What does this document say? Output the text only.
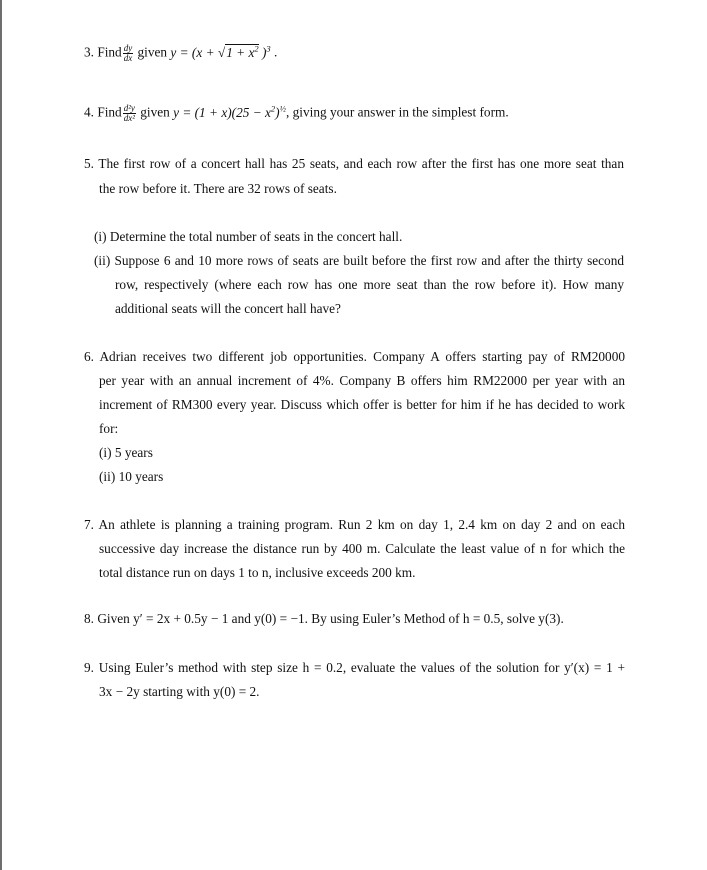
3. Find $\frac{dy}{dx}$ given $y = (x + √1 + x^2$ )$^3$ .
4. Find $\frac{\text{d²y}}{\text{dx²}}$ given $y = (1 + x)(25 - x^2)^{\frac{1}{2}}$, giving your answer in the simplest form.
5. The first row of a concert hall has 25 seats, and each row after the first has one more seat than
the row before it. There are 32 rows of seats.
(i) Determine the total number of seats in the concert hall.
(ii) Suppose 6 and 10 more rows of seats are built before the first row and after the thirty second
row, respectively (where each row has one more seat than the row before it). How many
additional seats will the concert hall have?
6. Adrian receives two different job opportunities. Company A offers starting pay of RM20000
per year with an annual increment of 4%. Company B offers him RM22000 per year with an
increment of RM300 every year. Discuss which offer is better for him if he has decided to work
for:
(i) 5 years
(ii) 10 years
7. An athlete is planning a training program. Run 2 km on day 1, 2.4 km on day 2 and on each
successive day increase the distance run by 400 m. Calculate the least value of n for which the
total distance run on days 1 to n, inclusive exceeds 200 km.
8. Given y′ = 2x + 0.5y − 1 and y(0) = −1. By using Euler’s Method of h = 0.5, solve y(3).
9. Using Euler’s method with step size h = 0.2, evaluate the values of the solution for y′(x) = 1 +
3x − 2y starting with y(0) = 2.
